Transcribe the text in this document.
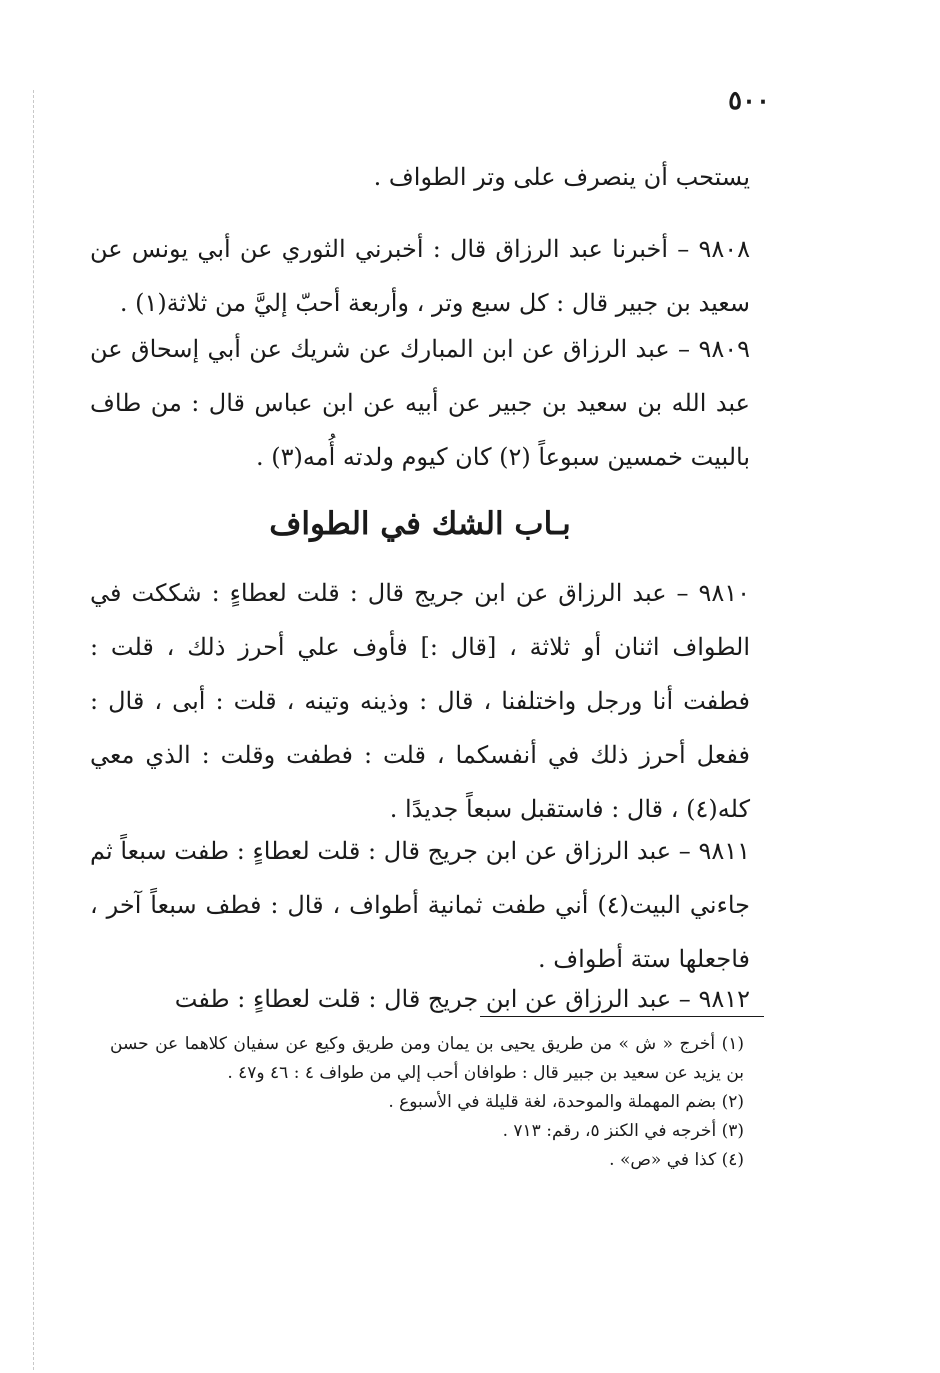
٥٠٠

يستحب أن ينصرف على وتر الطواف .

٩٨٠٨ – أخبرنا عبد الرزاق قال : أخبرني الثوري عن أبي يونس عن سعيد بن جبير قال : كل سبع وتر ، وأربعة أحبّ إليَّ من ثلاثة(١) .

٩٨٠٩ – عبد الرزاق عن ابن المبارك عن شريك عن أبي إسحاق عن عبد الله بن سعيد بن جبير عن أبيه عن ابن عباس قال : من طاف بالبيت خمسين سبوعاً (٢) كان كيوم ولدته أُمه(٣) .

بـاب الشك في الطواف

٩٨١٠ – عبد الرزاق عن ابن جريج قال : قلت لعطاءٍ : شككت في الطواف اثنان أو ثلاثة ، [قال :] فأوف علي أحرز ذلك ، قلت : فطفت أنا ورجل واختلفنا ، قال : وذينه وتينه ، قلت : أبى ، قال : ففعل أحرز ذلك في أنفسكما ، قلت : فطفت وقلت : الذي معي كله(٤) ، قال : فاستقبل سبعاً جديدًا .

٩٨١١ – عبد الرزاق عن ابن جريج قال : قلت لعطاءٍ : طفت سبعاً ثم جاءني البيت(٤) أني طفت ثمانية أطواف ، قال : فطف سبعاً آخر ، فاجعلها ستة أطواف .

٩٨١٢ – عبد الرزاق عن ابن جريج قال : قلت لعطاءٍ : طفت

(١) أخرج « ش » من طريق يحيى بن يمان ومن طريق وكيع عن سفيان كلاهما عن حسن بن يزيد عن سعيد بن جبير قال : طوافان أحب إلي من طواف ٤ : ٤٦ و٤٧ .

(٢) بضم المهملة والموحدة، لغة قليلة في الأسبوع .

(٣) أخرجه في الكنز ٥، رقم: ٧١٣ .

(٤) كذا في «ص» .
